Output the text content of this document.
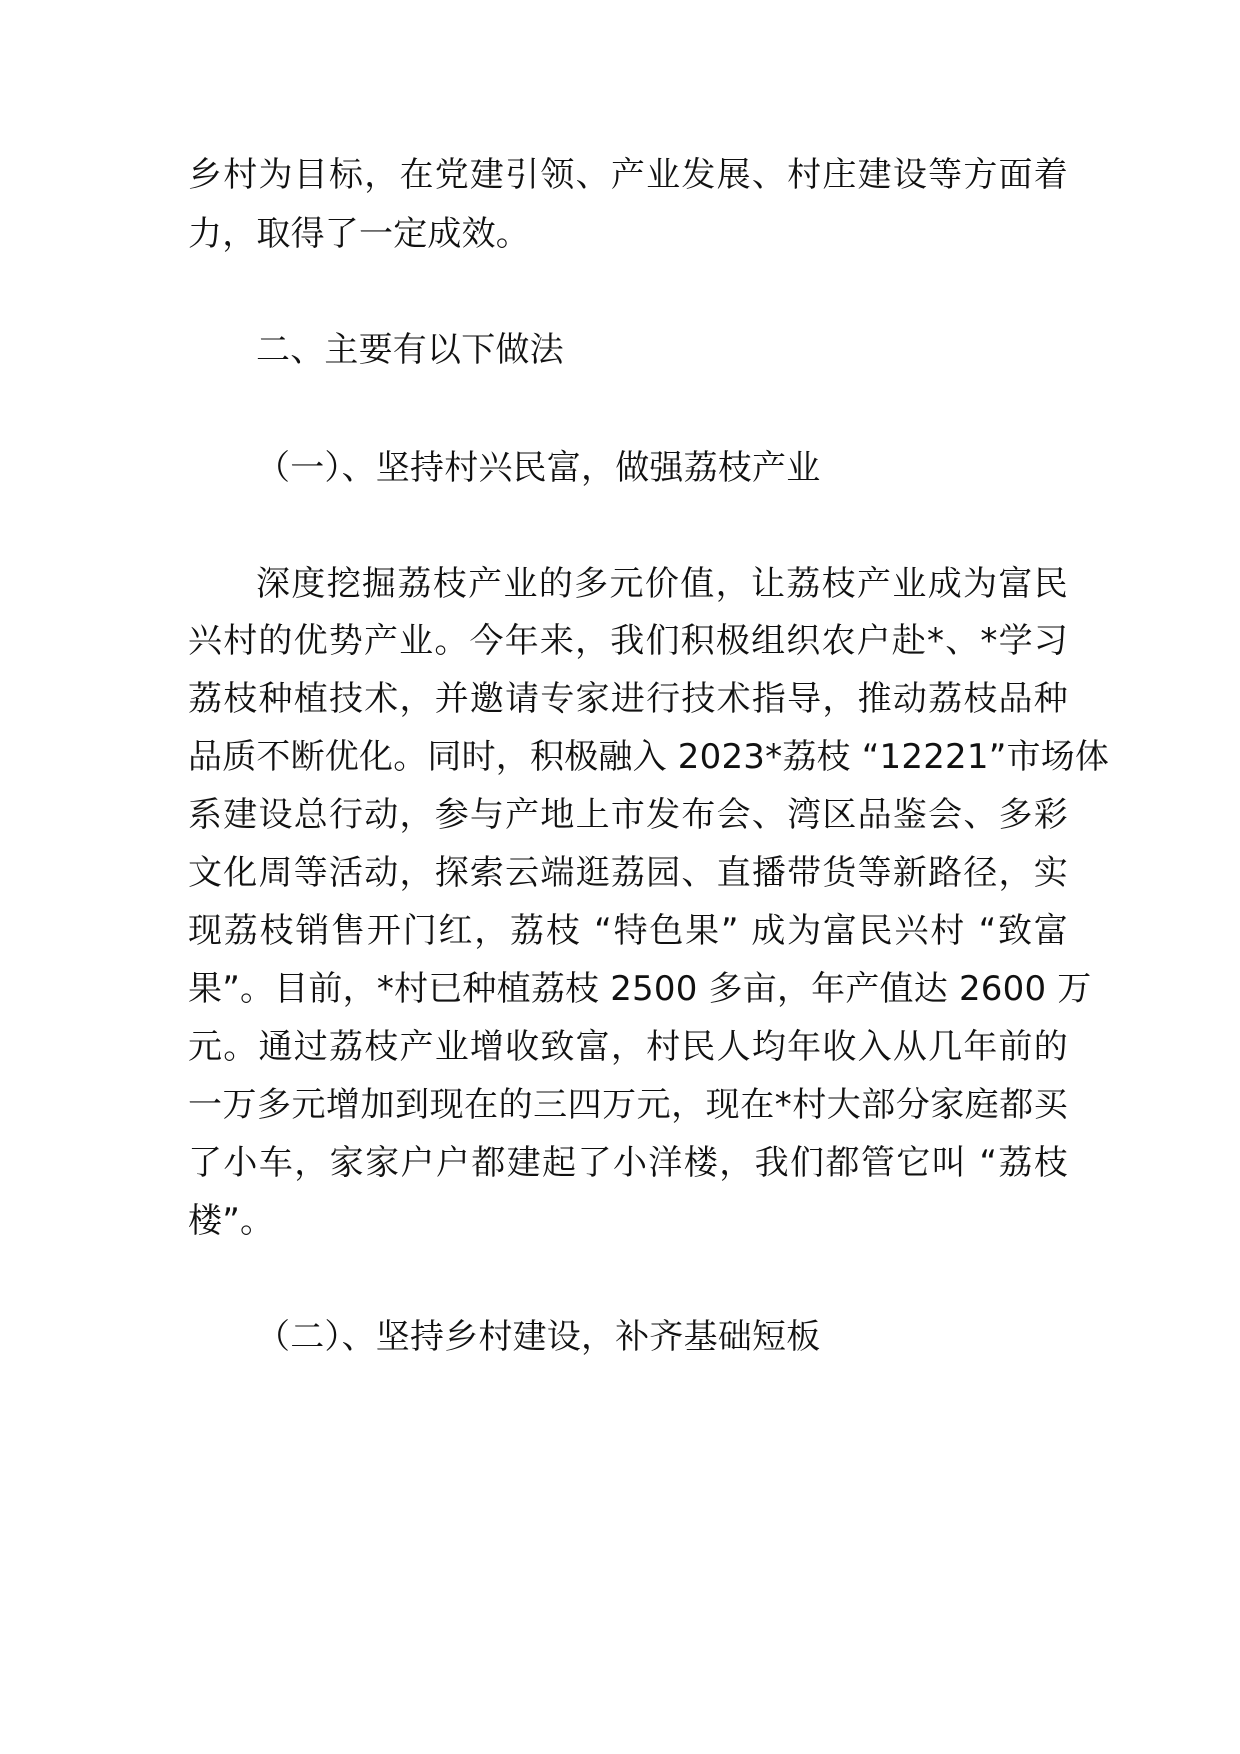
乡村为目标，在党建引领、产业发展、村庄建设等方面着
力，取得了一定成效。
二、主要有以下做法
（一）、坚持村兴民富，做强荔枝产业
深度挖掘荔枝产业的多元价值，让荔枝产业成为富民
兴村的优势产业。今年来，我们积极组织农户赴*、*学习
荔枝种植技术，并邀请专家进行技术指导，推动荔枝品种
品质不断优化。同时，积极融入 2023*荔枝 “12221”市场体
系建设总行动，参与产地上市发布会、湾区品鉴会、多彩
文化周等活动，探索云端逛荔园、直播带货等新路径，实
现荔枝销售开门红，荔枝 “特色果” 成为富民兴村 “致富
果”。目前，*村已种植荔枝 2500 多亩，年产值达 2600 万
元。通过荔枝产业增收致富，村民人均年收入从几年前的
一万多元增加到现在的三四万元，现在*村大部分家庭都买
了小车，家家户户都建起了小洋楼，我们都管它叫 “荔枝
楼”。
（二）、坚持乡村建设，补齐基础短板
